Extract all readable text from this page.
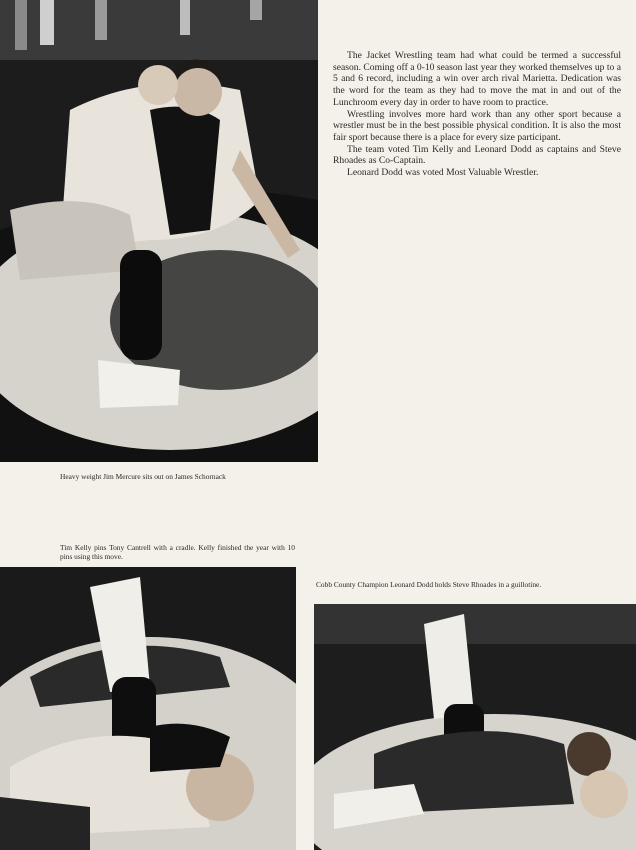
The Jacket Wrestling team had what could be termed a successful season. Coming off a 0-10 season last year they worked themselves up to a 5 and 6 record, including a win over arch rival Marietta. Dedication was the word for the team as they had to move the mat in and out of the Lunchroom every day in order to have room to practice.

Wrestling involves more hard work than any other sport because a wrestler must be in the best possible physical condition. It is also the most fair sport because there is a place for every size participant.

The team voted Tim Kelly and Leonard Dodd as captains and Steve Rhoades as Co-Captain.

Leonard Dodd was voted Most Valuable Wrestler.

Heavy weight Jim Mercure sits out on James Schornack
Tim Kelly pins Tony Cantrell with a cradle. Kelly finished the year with 10 pins using this move.
Cobb County Champion Leonard Dodd holds Steve Rhoades in a guillotine.
